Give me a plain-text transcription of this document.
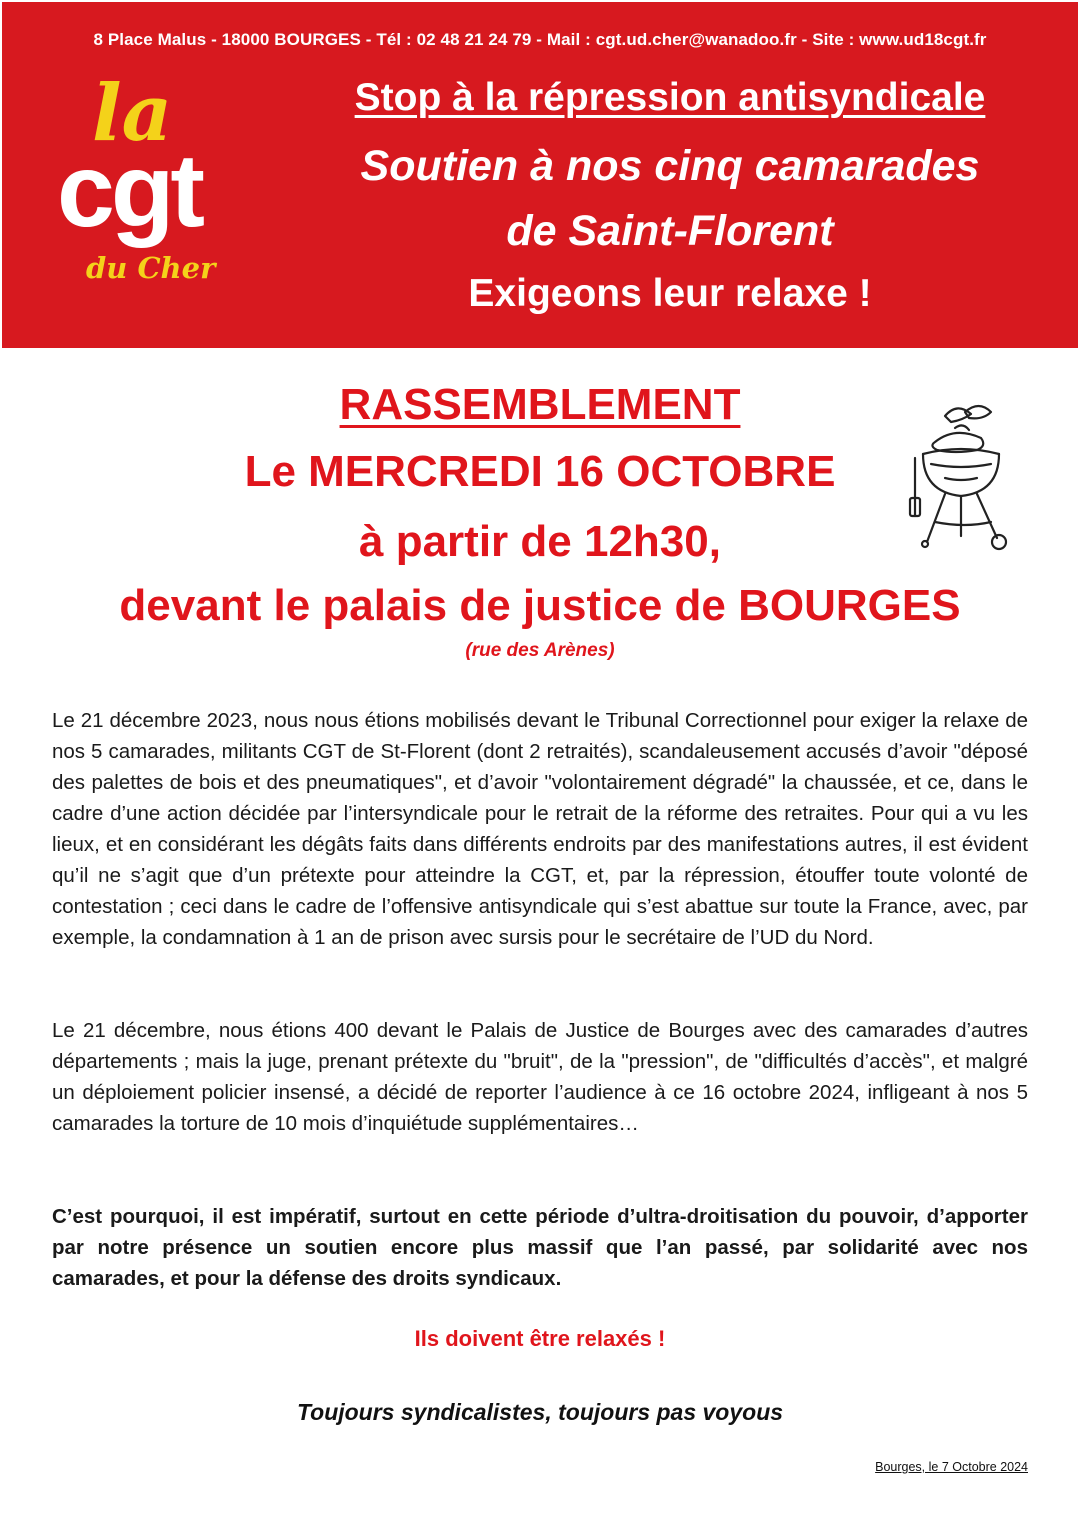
8 Place Malus - 18000 BOURGES - Tél : 02 48 21 24 79 - Mail : cgt.ud.cher@wanadoo.fr - Site : www.ud18cgt.fr
la
cgt
du Cher
Stop à la répression antisyndicale
Soutien à nos cinq camarades
de Saint-Florent
Exigeons leur relaxe !
RASSEMBLEMENT
Le MERCREDI 16 OCTOBRE
à partir de 12h30,
devant le palais de justice de BOURGES
(rue des Arènes)
Le 21 décembre 2023, nous nous étions mobilisés devant le Tribunal Correctionnel pour exiger la relaxe de nos 5 camarades, militants CGT de St-Florent (dont 2 retraités), scandaleusement accusés d’avoir "déposé des palettes de bois et des pneumatiques", et d’avoir "volontairement dégradé" la chaussée, et ce, dans le cadre d’une action décidée par l’intersyndicale pour le retrait de la réforme des retraites. Pour qui a vu les lieux, et en considérant les dégâts faits dans différents endroits par des manifestations autres, il est évident qu’il ne s’agit que d’un prétexte pour atteindre la CGT, et, par la répression, étouffer toute volonté de contestation ; ceci dans le cadre de l’offensive antisyndicale qui s’est abattue sur toute la France, avec, par exemple, la condamnation à 1 an de prison avec sursis pour le secrétaire de l’UD du Nord.
Le 21 décembre, nous étions 400 devant le Palais de Justice de Bourges avec des camarades d’autres départements ; mais la juge, prenant prétexte du "bruit", de la "pression", de "difficultés d’accès", et malgré un déploiement policier insensé, a décidé de reporter l’audience à ce 16 octobre 2024, infligeant à nos 5 camarades la torture de 10 mois d’inquiétude supplémentaires…
C’est pourquoi, il est impératif, surtout en cette période d’ultra-droitisation du pouvoir, d’apporter par notre présence un soutien encore plus massif que l’an passé, par solidarité avec nos camarades, et pour la défense des droits syndicaux.
Ils doivent être relaxés !
Toujours syndicalistes, toujours pas voyous
Bourges, le 7 Octobre 2024
